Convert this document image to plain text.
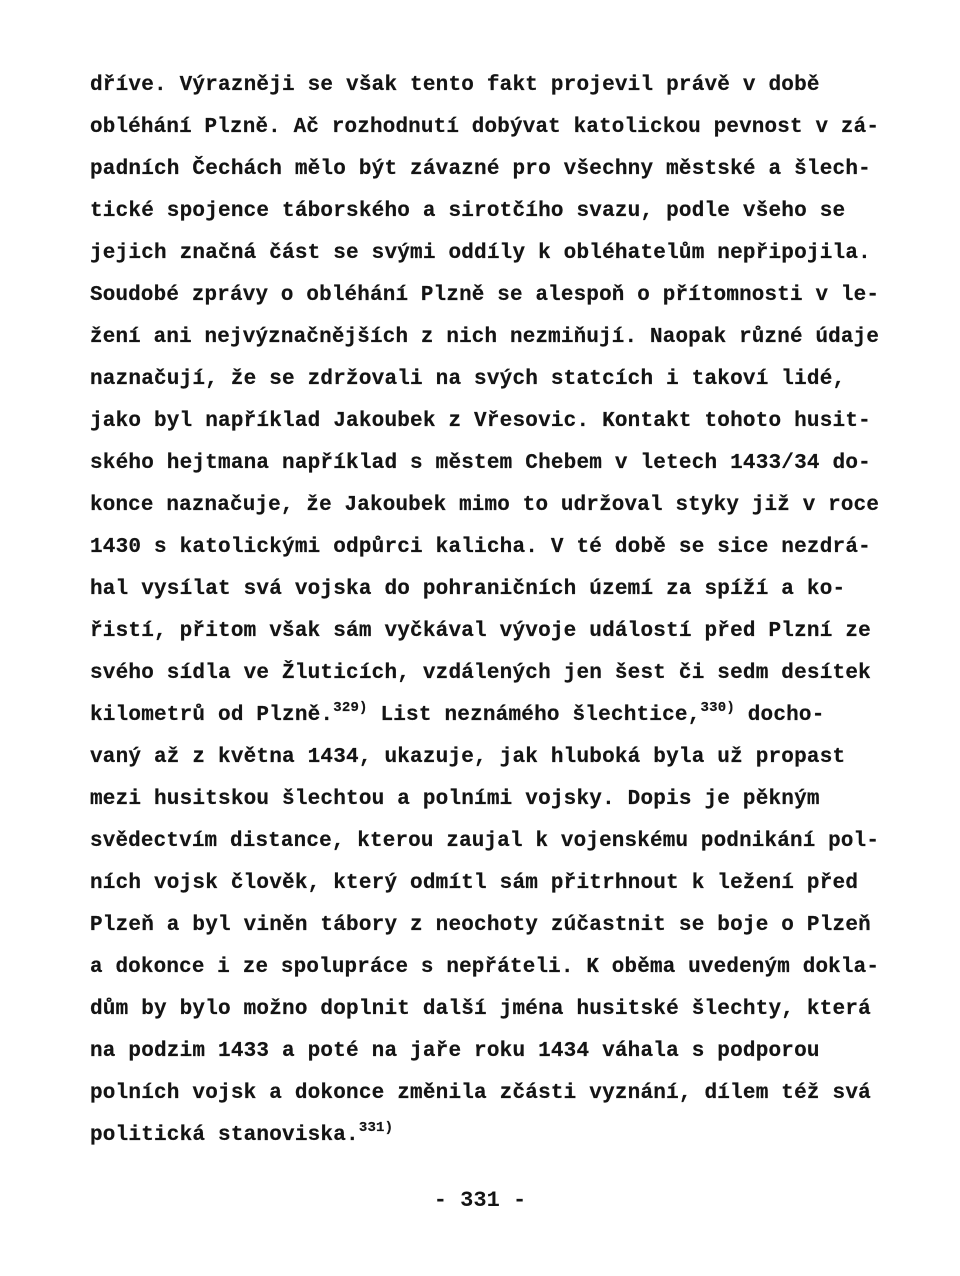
dříve. Výrazněji se však tento fakt projevil právě v době
obléhání Plzně. Ač rozhodnutí dobývat katolickou pevnost v zá-
padních Čechách mělo být závazné pro všechny městské a šlech-
tické spojence táborského a sirotčího svazu, podle všeho se
jejich značná část se svými oddíly k obléhatelům nepřipojila.
Soudobé zprávy o obléhání Plzně se alespoň o přítomnosti v le-
žení ani nejvýznačnějších z nich nezmiňují. Naopak různé údaje
naznačují, že se zdržovali na svých statcích i takoví lidé,
jako byl například Jakoubek z Vřesovic. Kontakt tohoto husit-
ského hejtmana například s městem Chebem v letech 1433/34 do-
konce naznačuje, že Jakoubek mimo to udržoval styky již v roce
1430 s katolickými odpůrci kalicha. V té době se sice nezdrá-
hal vysílat svá vojska do pohraničních území za spíží a ko-
řistí, přitom však sám vyčkával vývoje událostí před Plzní ze
svého sídla ve Žluticích, vzdálených jen šest či sedm desítek
kilometrů od Plzně.$^{329)}$ List neznámého šlechtice,$^{330)}$ docho-
vaný až z května 1434, ukazuje, jak hluboká byla už propast
mezi husitskou šlechtou a polními vojsky. Dopis je pěkným
svědectvím distance, kterou zaujal k vojenskému podnikání pol-
ních vojsk člověk, který odmítl sám přitrhnout k ležení před
Plzeň a byl viněn tábory z neochoty zúčastnit se boje o Plzeň
a dokonce i ze spolupráce s nepřáteli. K oběma uvedeným dokla-
dům by bylo možno doplnit další jména husitské šlechty, která
na podzim 1433 a poté na jaře roku 1434 váhala s podporou
polních vojsk a dokonce změnila zčásti vyznání, dílem též svá
politická stanoviska.$^{331)}$
- 331 -
